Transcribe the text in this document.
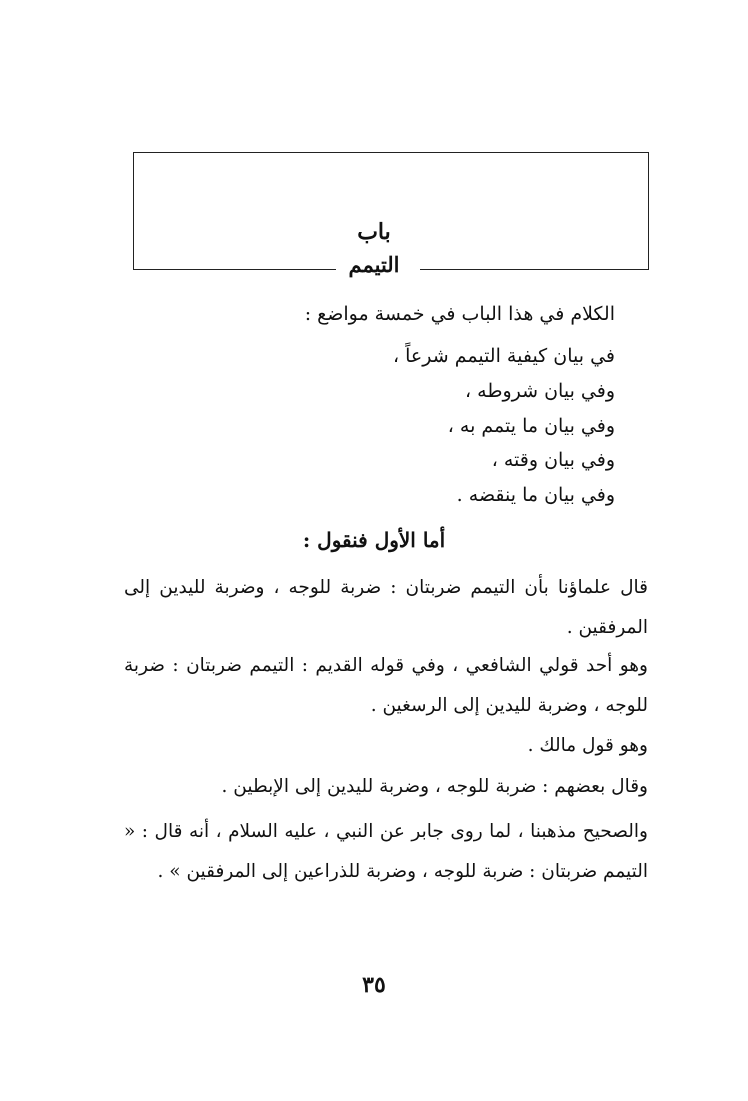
باب
التيمم
الكلام في هذا الباب في خمسة مواضع :
في بيان كيفية التيمم شرعاً ،
وفي بيان شروطه ،
وفي بيان ما يتمم به ،
وفي بيان وقته ،
وفي بيان ما ينقضه .
أما الأول فنقول :
قال علماؤنا بأن التيمم ضربتان : ضربة للوجه ، وضربة لليدين إلى المرفقين .
وهو أحد قولي الشافعي ، وفي قوله القديم : التيمم ضربتان : ضربة للوجه ، وضربة لليدين إلى الرسغين .
وهو قول مالك .
وقال بعضهم : ضربة للوجه ، وضربة لليدين إلى الإبطين .
والصحيح مذهبنا ، لما روى جابر عن النبي ، عليه السلام ، أنه قال : « التيمم ضربتان : ضربة للوجه ، وضربة للذراعين إلى المرفقين » .
٣٥
